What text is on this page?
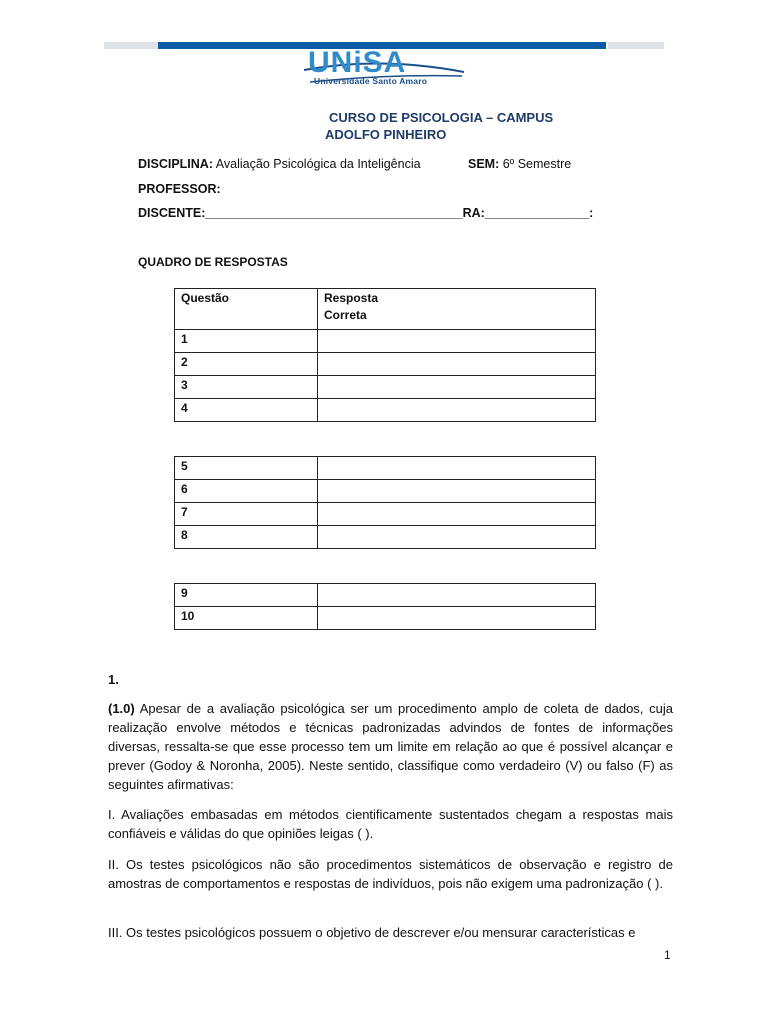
UNiSA
Universidade Santo Amaro
CURSO DE PSICOLOGIA – CAMPUS
ADOLFO PINHEIRO
DISCIPLINA: Avaliação Psicológica da Inteligência	SEM: 6º Semestre
PROFESSOR:
DISCENTE:_____________________________________RA:_______________:
QUADRO DE RESPOSTAS
Questão	Resposta
Correta

1	
2	
3	
4	
5	
6	
7	
8	
9	
10	
1.
(1.0) Apesar de a avaliação psicológica ser um procedimento amplo de coleta de dados, cuja realização envolve métodos e técnicas padronizadas advindos de fontes de informações diversas, ressalta-se que esse processo tem um limite em relação ao que é possível alcançar e prever (Godoy & Noronha, 2005). Neste sentido, classifique como verdadeiro (V) ou falso (F) as seguintes afirmativas:
I. Avaliações embasadas em métodos cientificamente sustentados chegam a respostas mais confiáveis e válidas do que opiniões leigas ( ).
II. Os testes psicológicos não são procedimentos sistemáticos de observação e registro de amostras de comportamentos e respostas de indivíduos, pois não exigem uma padronização ( ).
III. Os testes psicológicos possuem o objetivo de descrever e/ou mensurar características e
1
